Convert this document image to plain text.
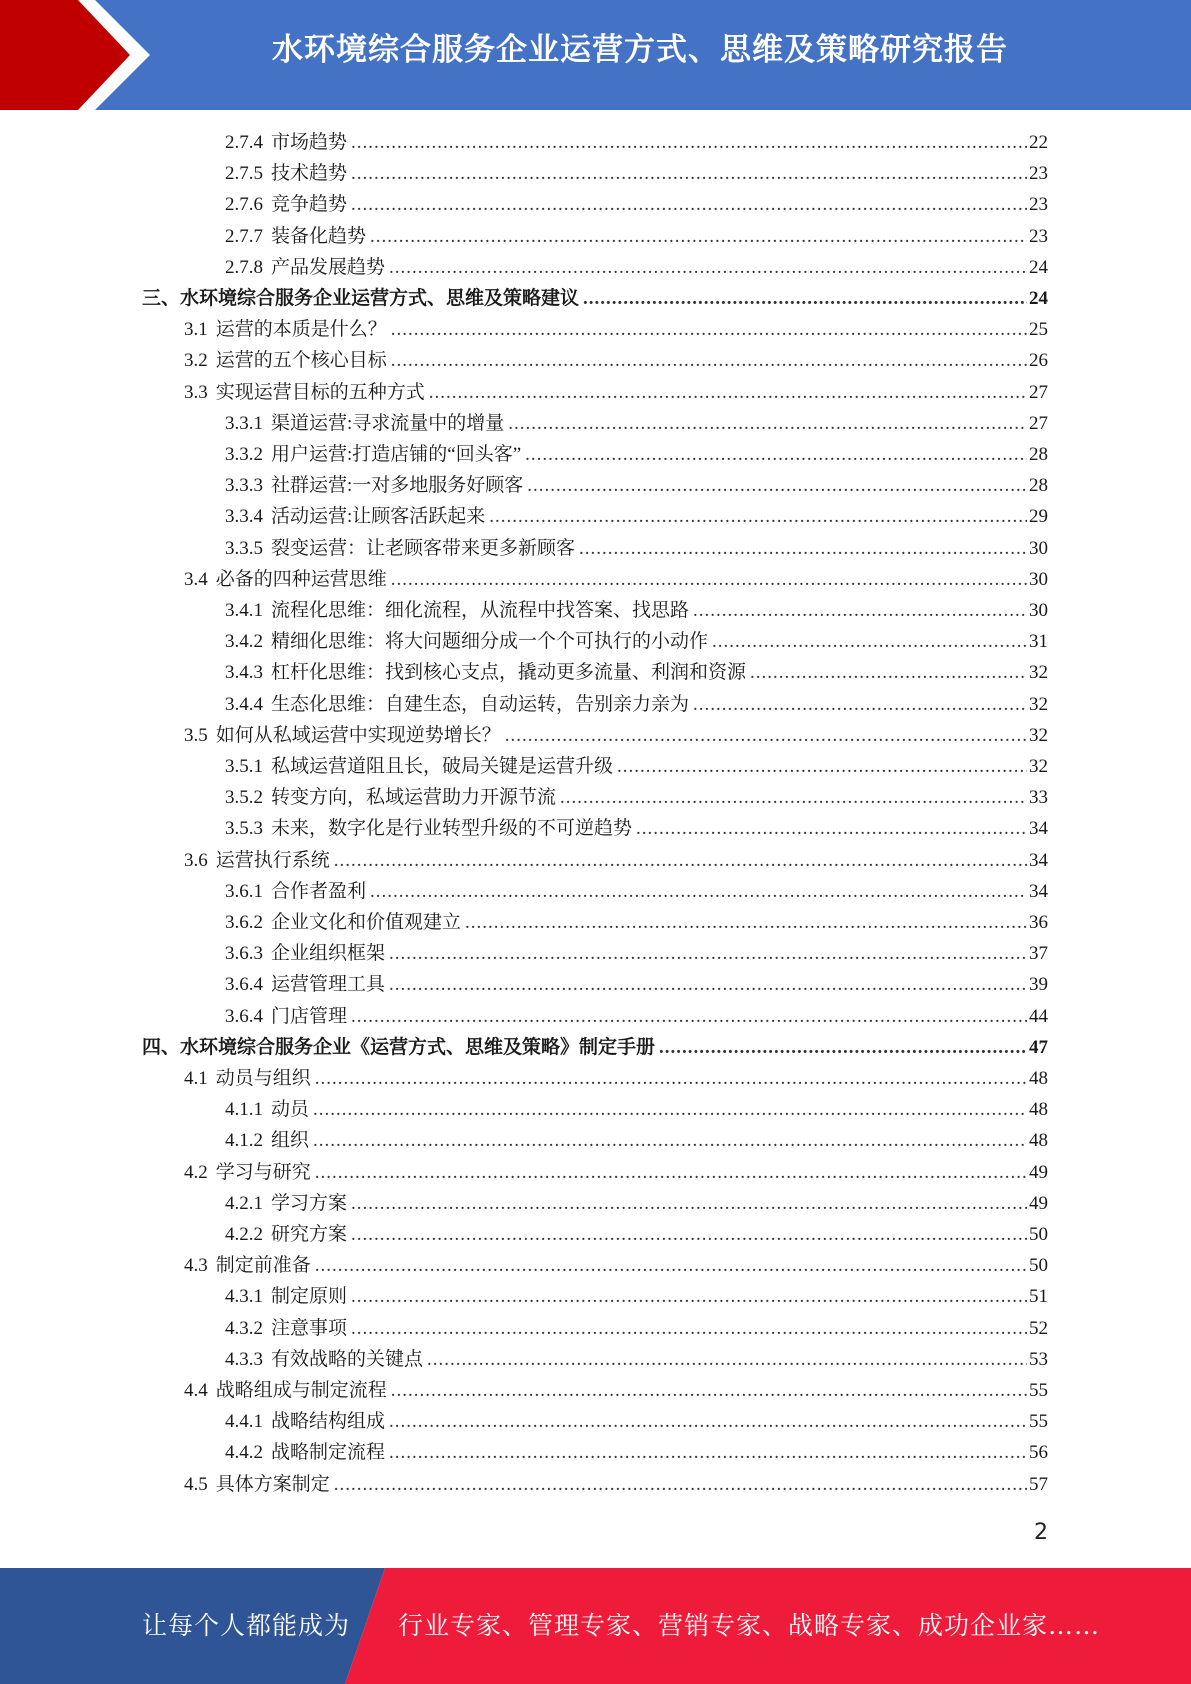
水环境综合服务企业运营方式、思维及策略研究报告
2.7.4 市场趋势 .....	22
2.7.5 技术趋势 .....	23
2.7.6 竞争趋势 .....	23
2.7.7 装备化趋势 .....	23
2.7.8 产品发展趋势 .....	24
三、 水环境综合服务企业运营方式、思维及策略建议 .....	24
3.1 运营的本质是什么？ .....	25
3.2 运营的五个核心目标 .....	26
3.3 实现运营目标的五种方式 .....	27
3.3.1 渠道运营:寻求流量中的增量 .....	27
3.3.2 用户运营:打造店铺的“回头客” .....	28
3.3.3 社群运营:一对多地服务好顾客 .....	28
3.3.4 活动运营:让顾客活跃起来 .....	29
3.3.5 裂变运营：让老顾客带来更多新顾客 .....	30
3.4 必备的四种运营思维 .....	30
3.4.1 流程化思维：细化流程，从流程中找答案、找思路 .....	30
3.4.2 精细化思维：将大问题细分成一个个可执行的小动作 .....	31
3.4.3 杠杆化思维：找到核心支点，撬动更多流量、利润和资源 .....	32
3.4.4 生态化思维：自建生态，自动运转，告别亲力亲为 .....	32
3.5 如何从私域运营中实现逆势增长？ .....	32
3.5.1 私域运营道阻且长，破局关键是运营升级 .....	32
3.5.2 转变方向，私域运营助力开源节流 .....	33
3.5.3 未来，数字化是行业转型升级的不可逆趋势 .....	34
3.6 运营执行系统 .....	34
3.6.1 合作者盈利 .....	34
3.6.2 企业文化和价值观建立 .....	36
3.6.3 企业组织框架 .....	37
3.6.4 运营管理工具 .....	39
3.6.4 门店管理 .....	44
四、 水环境综合服务企业《运营方式、思维及策略》制定手册 .....	47
4.1 动员与组织 .....	48
4.1.1 动员 .....	48
4.1.2 组织 .....	48
4.2 学习与研究 .....	49
4.2.1 学习方案 .....	49
4.2.2 研究方案 .....	50
4.3 制定前准备 .....	50
4.3.1 制定原则 .....	51
4.3.2 注意事项 .....	52
4.3.3 有效战略的关键点 .....	53
4.4 战略组成与制定流程 .....	55
4.4.1 战略结构组成 .....	55
4.4.2 战略制定流程 .....	56
4.5 具体方案制定 .....	57
2
让每个人都能成为 行业专家、管理专家、营销专家、战略专家、成功企业家……
